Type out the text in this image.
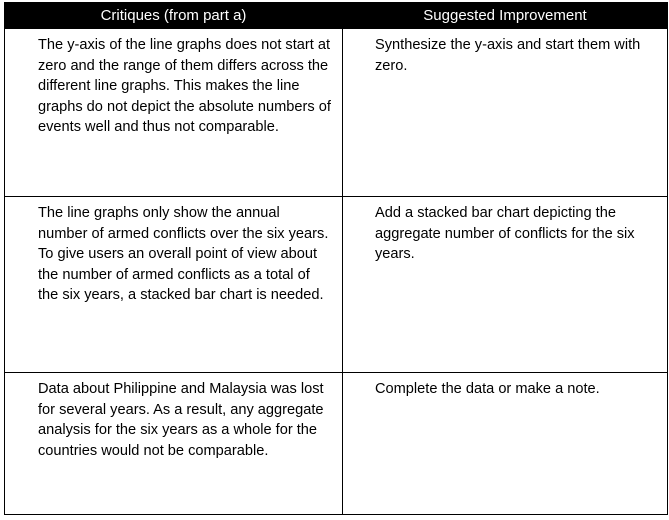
Critiques (from part a)	Suggested Improvement
The y-axis of the line graphs does not start at zero and the range of them differs across the different line graphs. This makes the line graphs do not depict the absolute numbers of events well and thus not comparable.	Synthesize the y-axis and start them with zero.
The line graphs only show the annual number of armed conflicts over the six years. To give users an overall point of view about the number of armed conflicts as a total of the six years, a stacked bar chart is needed.	Add a stacked bar chart depicting the aggregate number of conflicts for the six years.
Data about Philippine and Malaysia was lost for several years. As a result, any aggregate analysis for the six years as a whole for the countries would not be comparable.	Complete the data or make a note.
